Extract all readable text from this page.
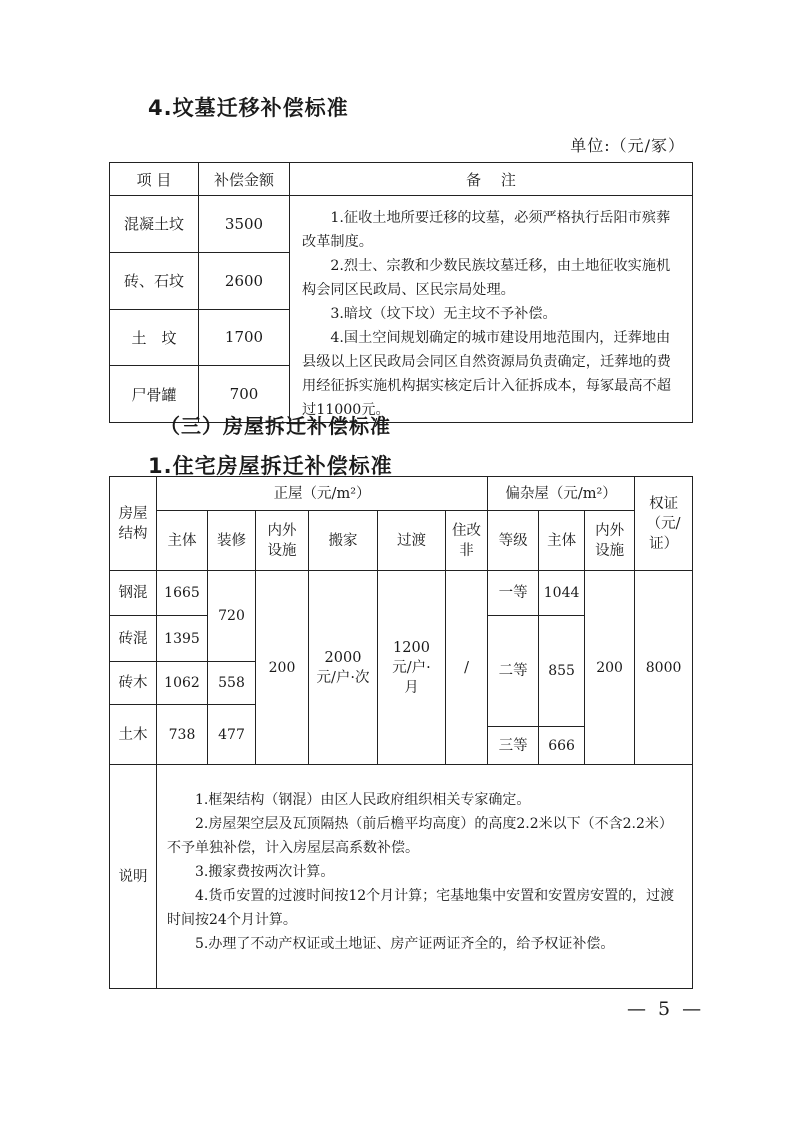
4.坟墓迁移补偿标准
单位:（元/冢）
项 目	补偿金额	备　 注
混凝土坟	3500	1.征收土地所要迁移的坟墓，必须严格执行岳阳市殡葬改革制度。

2.烈士、宗教和少数民族坟墓迁移，由土地征收实施机构会同区民政局、区民宗局处理。

3.暗坟（坟下坟）无主坟不予补偿。

4.国土空间规划确定的城市建设用地范围内，迁葬地由县级以上区民政局会同区自然资源局负责确定，迁葬地的费用经征拆实施机构据实核定后计入征拆成本，每冢最高不超过11000元。

砖、石坟	2600	
土　坟	1700	
尸骨罐	700	
（三）房屋拆迁补偿标准
1.住宅房屋拆迁补偿标准
房屋结构	正屋（元/m²）						偏杂屋（元/m²）			权证（元/证）
	主体	装修	内外设施	搬家	过渡	住改非	等级	主体	内外设施	
钢混	1665	720	200	2000元/户·次	1200元/户·月	/	一等	1044	200	8000

砖混	1395						二等	855		

砖木	1062	558								
土木	738	477								

							三等	666		
说明	1.框架结构（钢混）由区人民政府组织相关专家确定。

2.房屋架空层及瓦顶隔热（前后檐平均高度）的高度2.2米以下（不含2.2米）不予单独补偿，计入房屋层高系数补偿。

3.搬家费按两次计算。

4.货币安置的过渡时间按12个月计算；宅基地集中安置和安置房安置的，过渡时间按24个月计算。

5.办理了不动产权证或土地证、房产证两证齐全的，给予权证补偿。									

— 5 —
